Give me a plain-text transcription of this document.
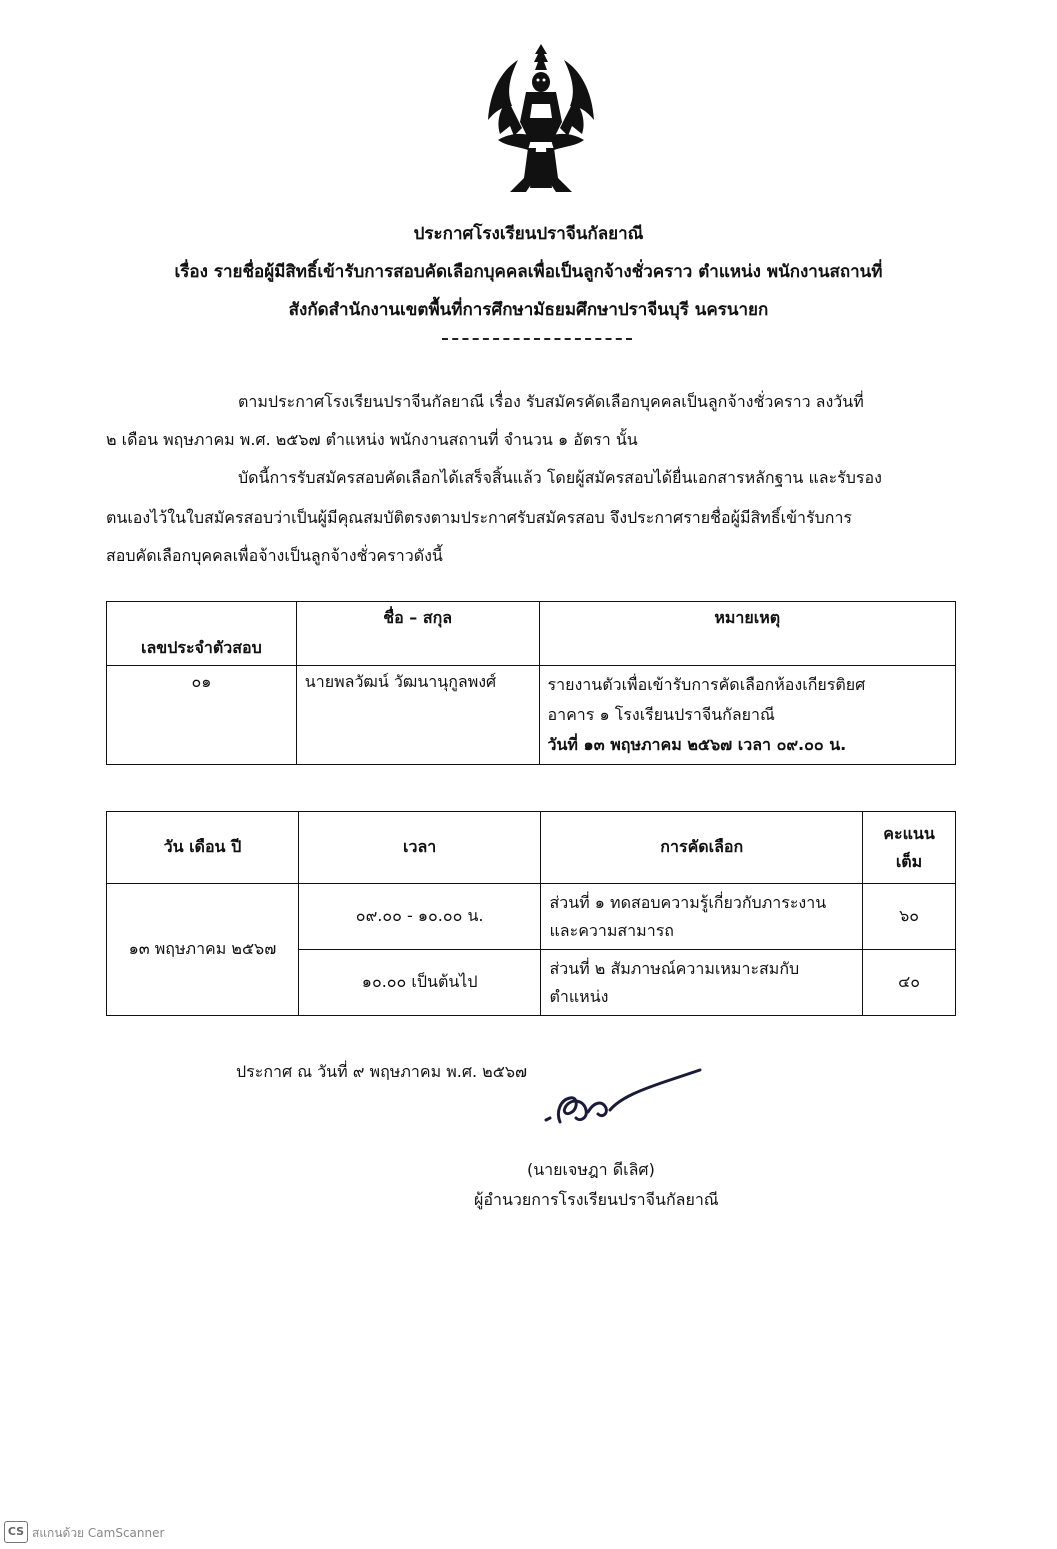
ประกาศโรงเรียนปราจีนกัลยาณี
เรื่อง รายชื่อผู้มีสิทธิ์เข้ารับการสอบคัดเลือกบุคคลเพื่อเป็นลูกจ้างชั่วคราว ตำแหน่ง พนักงานสถานที่
สังกัดสำนักงานเขตพื้นที่การศึกษามัธยมศึกษาปราจีนบุรี นครนายก
ตามประกาศโรงเรียนปราจีนกัลยาณี เรื่อง รับสมัครคัดเลือกบุคคลเป็นลูกจ้างชั่วคราว ลงวันที่
๒ เดือน พฤษภาคม พ.ศ. ๒๕๖๗ ตำแหน่ง พนักงานสถานที่ จำนวน ๑ อัตรา นั้น
บัดนี้การรับสมัครสอบคัดเลือกได้เสร็จสิ้นแล้ว โดยผู้สมัครสอบได้ยื่นเอกสารหลักฐาน และรับรอง
ตนเองไว้ในใบสมัครสอบว่าเป็นผู้มีคุณสมบัติตรงตามประกาศรับสมัครสอบ จึงประกาศรายชื่อผู้มีสิทธิ์เข้ารับการ
สอบคัดเลือกบุคคลเพื่อจ้างเป็นลูกจ้างชั่วคราวดังนี้
เลขประจำตัวสอบ	ชื่อ – สกุล	หมายเหตุ
๐๑	นายพลวัฒน์ วัฒนานุกูลพงศ์	รายงานตัวเพื่อเข้ารับการคัดเลือกห้องเกียรติยศ
อาคาร ๑ โรงเรียนปราจีนกัลยาณี
วันที่ ๑๓ พฤษภาคม ๒๕๖๗ เวลา ๐๙.๐๐ น.
วัน เดือน ปี	เวลา	การคัดเลือก	คะแนน
เต็ม

๑๓ พฤษภาคม ๒๕๖๗	๐๙.๐๐ - ๑๐.๐๐ น.	ส่วนที่ ๑ ทดสอบความรู้เกี่ยวกับภาระงาน
และความสามารถ	๖๐
	๑๐.๐๐ เป็นต้นไป	ส่วนที่ ๒ สัมภาษณ์ความเหมาะสมกับ
ตำแหน่ง	๔๐
ประกาศ ณ วันที่ ๙ พฤษภาคม พ.ศ. ๒๕๖๗
(นายเจษฎา ดีเลิศ)
ผู้อำนวยการโรงเรียนปราจีนกัลยาณี
CS สแกนด้วย CamScanner
